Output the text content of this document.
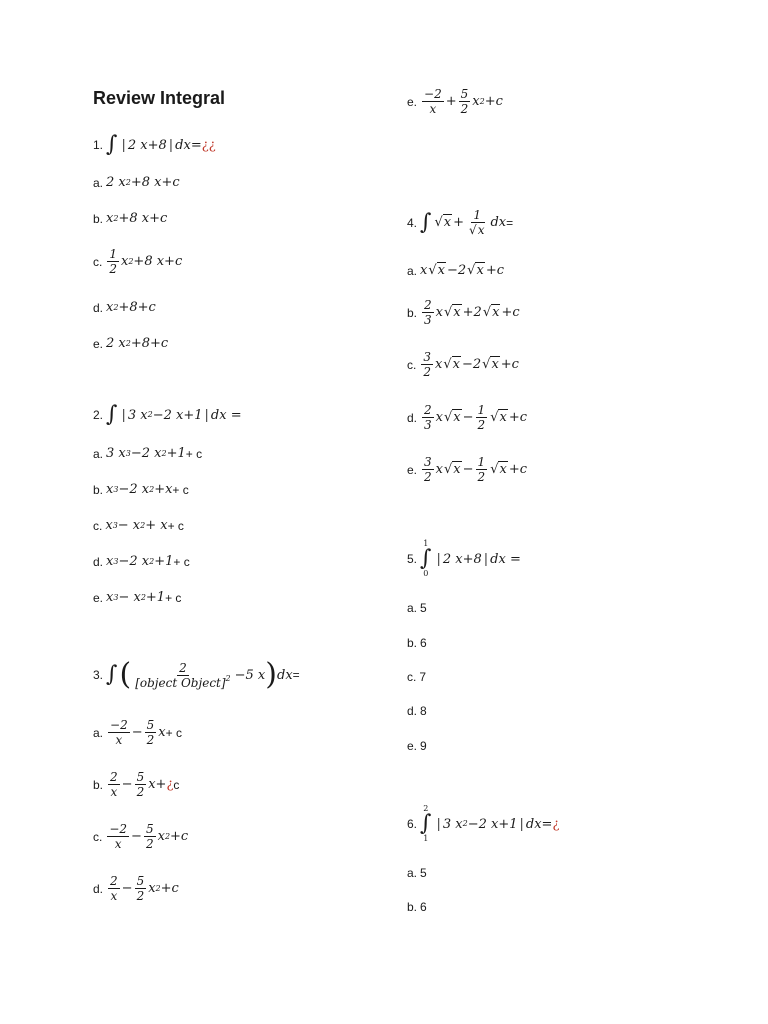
Review Integral
1. ∫ | 2 x+8 | dx= ¿¿
a. 2 x 2 +8 x+c
b. x 2 +8 x+c
c. $\frac{1}{2}$ x 2 +8 x+c
d. x 2 +8+c
e. 2 x 2 +8+c
2. ∫ | 3 x 2 −2 x+1 | dx =
a. 3 x 3 −2 x 2 +1 + c
b. x 3 −2 x 2 +x + c
c. x 3 − x 2 + x + c
d. x 3 −2 x 2 +1 + c
e. x 3 − x 2 +1 + c
3. ∫ ( $\frac{2}{[object Object]^2} -5$ x ) dx =
a. $\frac{-2}{x} - \frac{5}{2}$ x + c
b. $\frac{2}{x} - \frac{5}{2} x+$ ¿ c
c. $\frac{-2}{x} - \frac{5}{2}$ x 2 +c
d. $\frac{2}{x} - \frac{5}{2}$ x 2 +c
e. $\frac{-2}{x} + \frac{5}{2}$ x 2 +c
4. ∫ $√x + \frac{1}{√x}$ dx =
a. x √x −2 √x +c
b. $\frac{2}{3}$ x √x +2 √x +c
c. $\frac{3}{2}$ x √x −2 √x +c
d. $\frac{2}{3}$ x $√x - \frac{1}{2} √x +c$
e. $\frac{3}{2}$ x $√x - \frac{1}{2} √x +c$
5.
1
∫
0
| 2 x+8 | dx =
a. 5
b. 6
c. 7
d. 8
e. 9
6.
2
∫
1
| 3 x 2 −2 x+1 | dx= ¿
a. 5
b. 6
